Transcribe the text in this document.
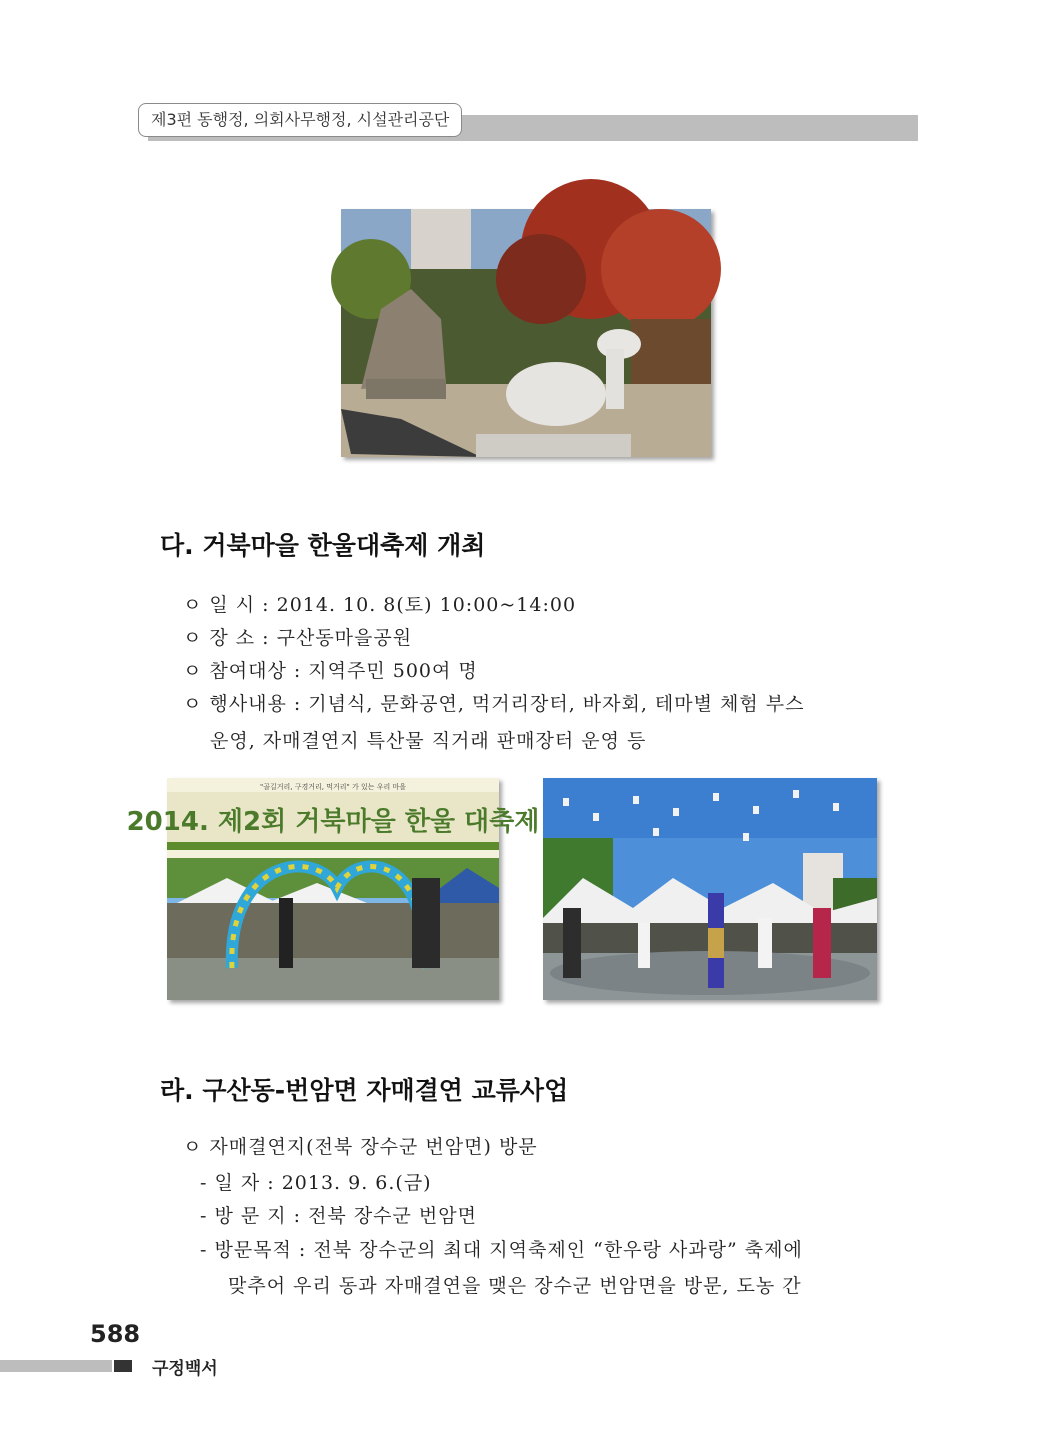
제3편 동행정, 의회사무행정, 시설관리공단
다. 거북마을 한울대축제 개최
ㅇ 일 시 : 2014. 10. 8(토) 10:00~14:00
ㅇ 장 소 : 구산동마을공원
ㅇ 참여대상 : 지역주민 500여 명
ㅇ 행사내용 : 기념식, 문화공연, 먹거리장터, 바자회, 테마별 체험 부스
운영, 자매결연지 특산물 직거래 판매장터 운영 등
"골길거리, 구경거리, 먹거리" 가 있는 우리 마을
2014. 제2회 거북마을 한울 대축제
라. 구산동-번암면 자매결연 교류사업
ㅇ 자매결연지(전북 장수군 번암면) 방문
- 일 자 : 2013. 9. 6.(금)
- 방 문 지 : 전북 장수군 번암면
- 방문목적 : 전북 장수군의 최대 지역축제인 “한우랑 사과랑” 축제에
맞추어 우리 동과 자매결연을 맺은 장수군 번암면을 방문, 도농 간
588
구정백서
